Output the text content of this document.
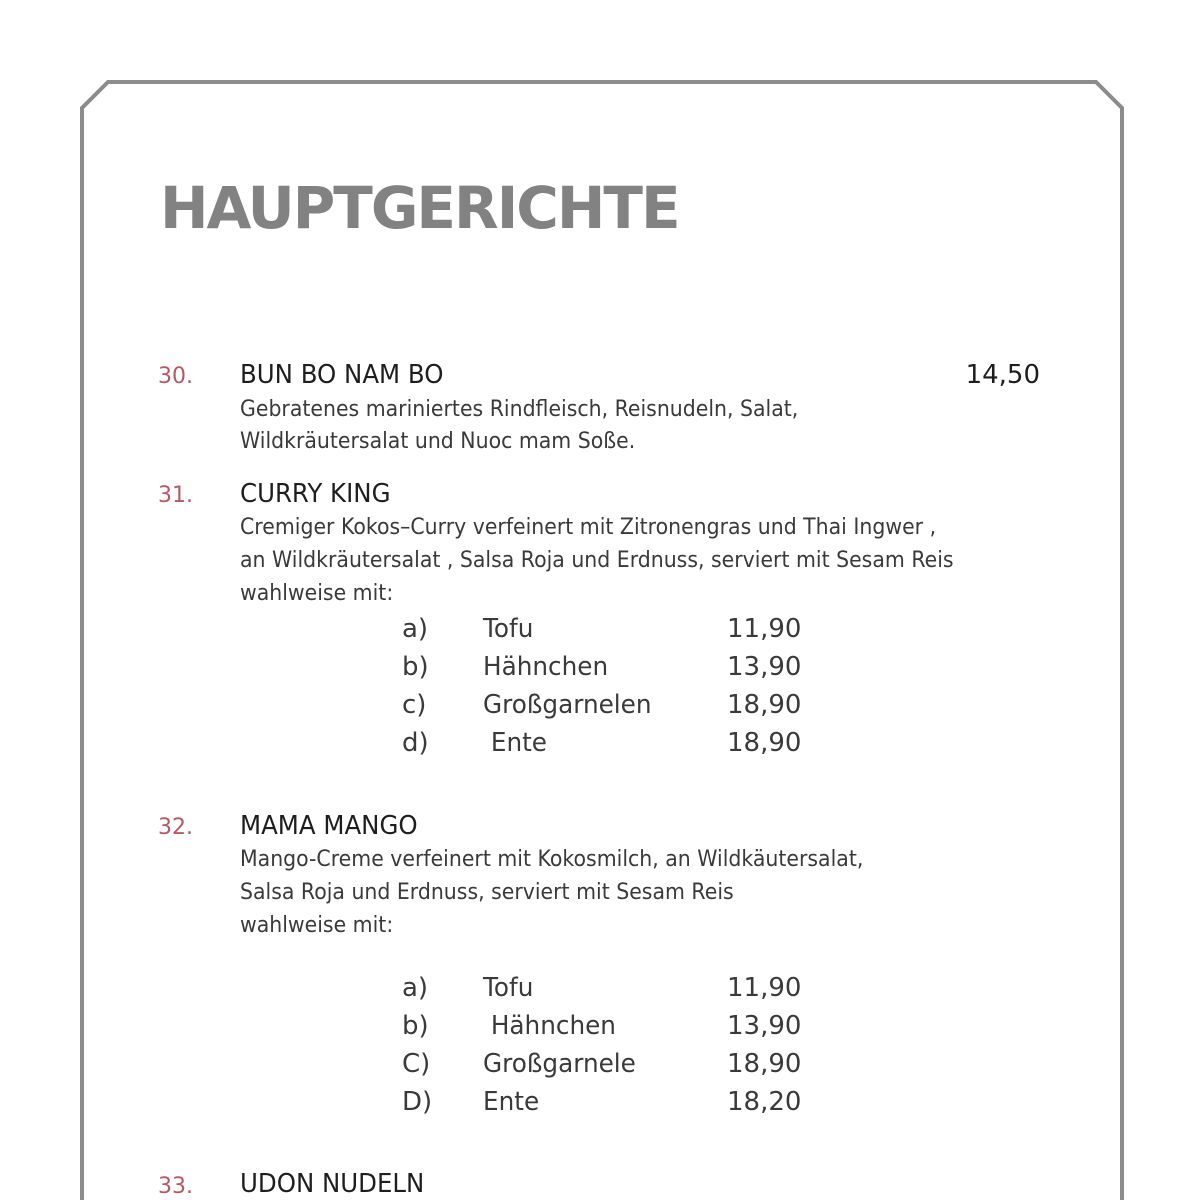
HAUPTGERICHTE
30. BUN BO NAM BO	14,50
Gebratenes mariniertes Rindfleisch, Reisnudeln, Salat,
Wildkräutersalat und Nuoc mam Soße.
31. CURRY KING
Cremiger Kokos–Curry verfeinert mit Zitronengras und Thai Ingwer ,
an Wildkräutersalat , Salsa Roja und Erdnuss, serviert mit Sesam Reis
wahlweise mit:
a) Tofu	11,90
b) Hähnchen	13,90
c) Großgarnelen	18,90
d) Ente	18,90
32. MAMA MANGO
Mango-Creme verfeinert mit Kokosmilch, an Wildkäutersalat,
Salsa Roja und Erdnuss, serviert mit Sesam Reis
wahlweise mit:
a) Tofu	11,90
b) Hähnchen	13,90
C) Großgarnele	18,90
D) Ente	18,20
33. UDON NUDELN
